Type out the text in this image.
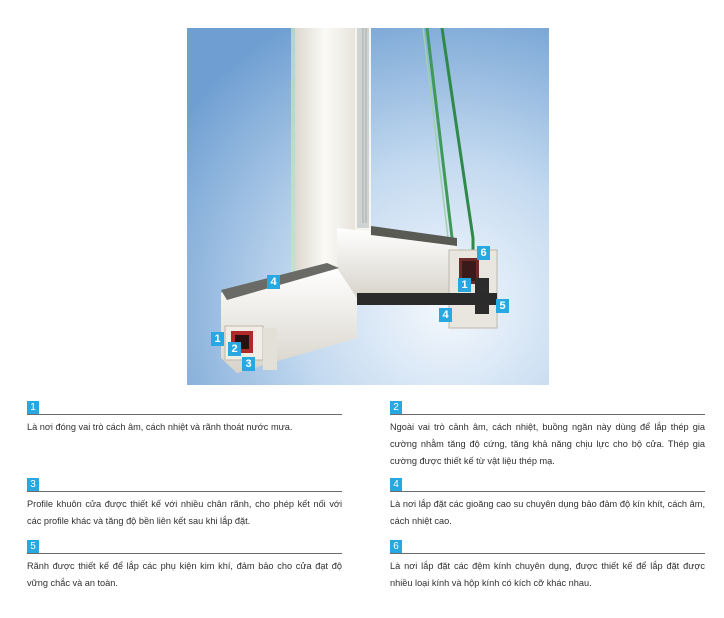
1
2
3
4
4
6
1
5
1
Là nơi đóng vai trò cách âm, cách nhiệt và rãnh thoát nước mưa.
2
Ngoài vai trò cảnh âm, cách nhiệt, buồng ngăn này dùng để lắp thép gia cường nhằm tăng độ cứng, tăng khả năng chịu lực cho bộ cửa. Thép gia cường được thiết kế từ vật liệu thép mạ.
3
Profile khuôn cửa được thiết kế với nhiều chân rãnh, cho phép kết nối với các profile khác và tăng độ bền liên kết sau khi lắp đặt.
4
Là nơi lắp đặt các gioăng cao su chuyên dụng bảo đảm độ kín khít, cách âm, cách nhiệt cao.
5
Rãnh được thiết kế để lắp các phụ kiện kim khí, đảm bảo cho cửa đạt độ vững chắc và an toàn.
6
Là nơi lắp đặt các đệm kính chuyên dụng, được thiết kế để lắp đặt được nhiều loại kính và hộp kính có kích cỡ khác nhau.
